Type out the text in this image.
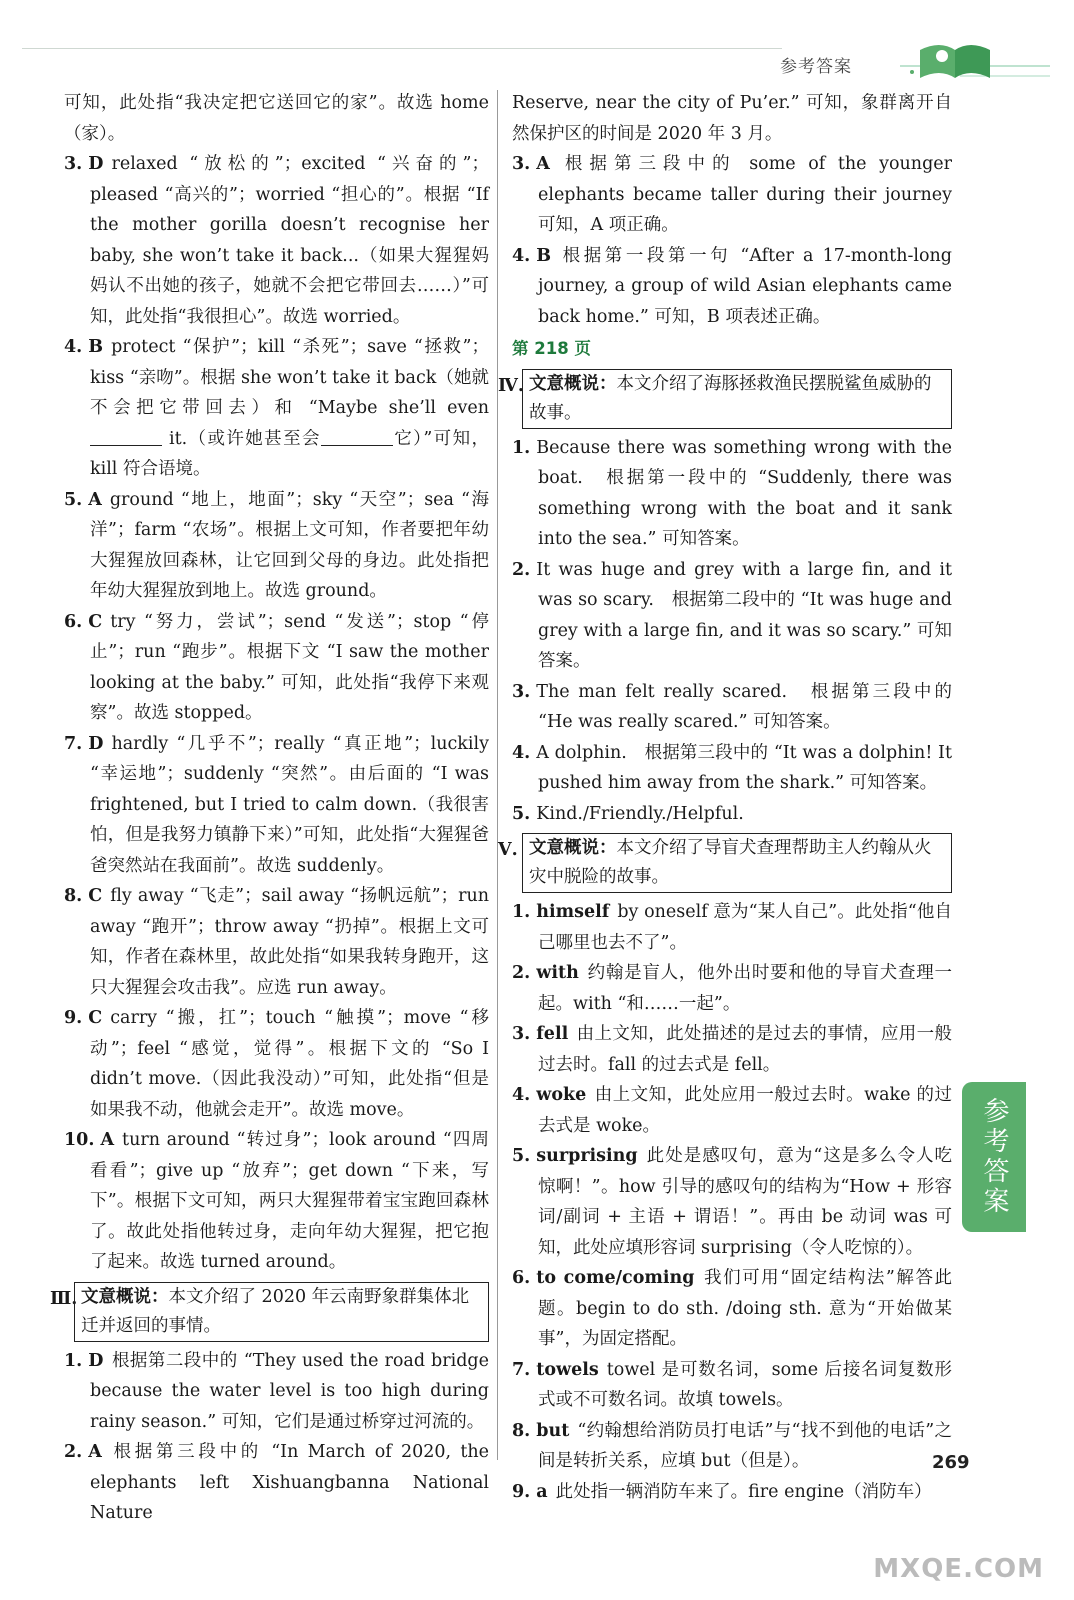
参考答案

可知，此处指“我决定把它送回它的家”。故选 home（家）。

3. D relaxed “放松的”；excited “兴奋的”；pleased “高兴的”；worried “担心的”。根据 “If the mother gorilla doesn’t recognise her baby, she won’t take it back...（如果大猩猩妈妈认不出她的孩子，她就不会把它带回去……）”可知，此处指“我很担心”。故选 worried。

4. B protect “保护”；kill “杀死”；save “拯救”；kiss “亲吻”。根据 she won’t take it back（她就不会把它带回去）和 “Maybe she’ll even  it.（或许她甚至会	它）”可知，kill 符合语境。

5. A ground “地上，地面”；sky “天空”；sea “海洋”；farm “农场”。根据上文可知，作者要把年幼大猩猩放回森林，让它回到父母的身边。此处指把年幼大猩猩放到地上。故选 ground。

6. C try “努力，尝试”；send “发送”；stop “停止”；run “跑步”。根据下文 “I saw the mother looking at the baby.” 可知，此处指“我停下来观察”。故选 stopped。

7. D hardly “几乎不”；really “真正地”；luckily “幸运地”；suddenly “突然”。由后面的 “I was frightened, but I tried to calm down.（我很害怕，但是我努力镇静下来）”可知，此处指“大猩猩爸爸突然站在我面前”。故选 suddenly。

8. C fly away “飞走”；sail away “扬帆远航”；run away “跑开”；throw away “扔掉”。根据上文可知，作者在森林里，故此处指“如果我转身跑开，这只大猩猩会攻击我”。应选 run away。

9. C carry “搬，扛”；touch “触摸”；move “移动”；feel “感觉，觉得”。根据下文的 “So I didn’t move.（因此我没动）”可知，此处指“但是如果我不动，他就会走开”。故选 move。

10. A turn around “转过身”；look around “四周看看”；give up “放弃”；get down “下来，写下”。根据下文可知，两只大猩猩带着宝宝跑回森林了。故此处指他转过身，走向年幼大猩猩，把它抱了起来。故选 turned around。

Ⅲ. 文意概说：本文介绍了 2020 年云南野象群集体北迁并返回的事情。

1. D 根据第二段中的 “They used the road bridge because the water level is too high during rainy season.” 可知，它们是通过桥穿过河流的。

2. A 根据第三段中的 “In March of 2020, the elephants left Xishuangbanna National Nature

Reserve, near the city of Pu’er.” 可知，象群离开自然保护区的时间是 2020 年 3 月。

3. A 根据第三段中的 some of the younger elephants became taller during their journey 可知，A 项正确。

4. B 根据第一段第一句 “After a 17-month-long journey, a group of wild Asian elephants came back home.” 可知，B 项表述正确。

第 218 页

Ⅳ. 文意概说：本文介绍了海豚拯救渔民摆脱鲨鱼威胁的故事。

1. Because there was something wrong with the boat.　根据第一段中的 “Suddenly, there was something wrong with the boat and it sank into the sea.” 可知答案。

2. It was huge and grey with a large fin, and it was so scary.　根据第二段中的 “It was huge and grey with a large fin, and it was so scary.” 可知答案。

3. The man felt really scared.　根据第三段中的 “He was really scared.” 可知答案。

4. A dolphin.　根据第三段中的 “It was a dolphin! It pushed him away from the shark.” 可知答案。

5. Kind./Friendly./Helpful.

Ⅴ. 文意概说：本文介绍了导盲犬查理帮助主人约翰从火灾中脱险的故事。

1. himself by oneself 意为“某人自己”。此处指“他自己哪里也去不了”。

2. with 约翰是盲人，他外出时要和他的导盲犬查理一起。with “和……一起”。

3. fell 由上文知，此处描述的是过去的事情，应用一般过去时。fall 的过去式是 fell。

4. woke 由上文知，此处应用一般过去时。wake 的过去式是 woke。

5. surprising 此处是感叹句，意为“这是多么令人吃惊啊！”。how 引导的感叹句的结构为“How + 形容词/副词 + 主语 + 谓语！”。再由 be 动词 was 可知，此处应填形容词 surprising（令人吃惊的）。

6. to come/coming 我们可用“固定结构法”解答此题。begin to do sth. /doing sth. 意为“开始做某事”，为固定搭配。

7. towels towel 是可数名词，some 后接名词复数形式或不可数名词。故填 towels。

8. but “约翰想给消防员打电话”与“找不到他的电话”之间是转折关系，应填 but（但是）。

9. a 此处指一辆消防车来了。fire engine（消防车）

参考答案
269
MXQE.COM
